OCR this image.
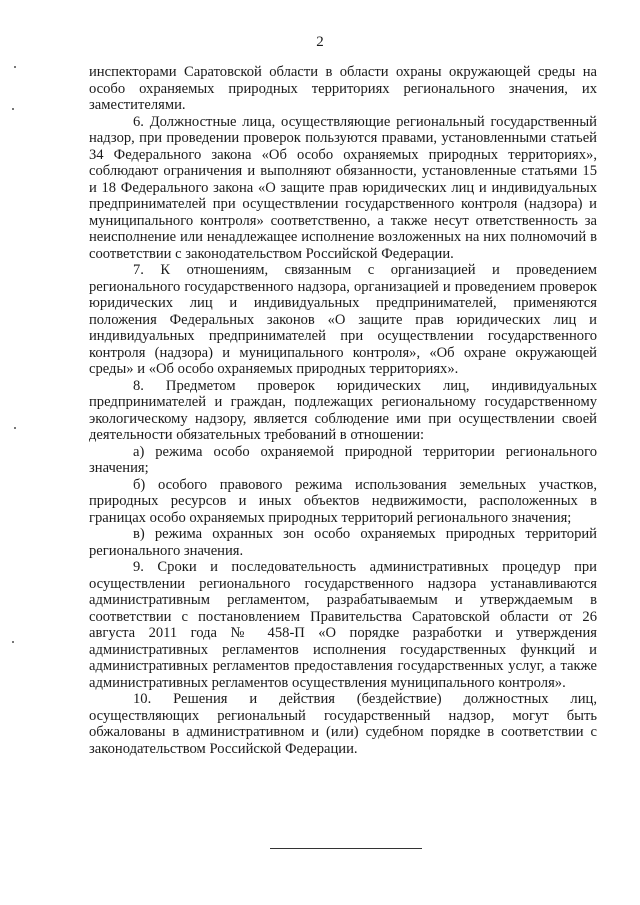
2

инспекторами Саратовской области в области охраны окружающей среды на особо охраняемых природных территориях регионального значения, их заместителями.

6. Должностные лица, осуществляющие региональный государственный надзор, при проведении проверок пользуются правами, установленными статьей 34 Федерального закона «Об особо охраняемых природных территориях», соблюдают ограничения и выполняют обязанности, установленные статьями 15 и 18 Федерального закона «О защите прав юридических лиц и индивидуальных предпринимателей при осуществлении государственного контроля (надзора) и муниципального контроля» соответственно, а также несут ответственность за неисполнение или ненадлежащее исполнение возложенных на них полномочий в соответствии с законодательством Российской Федерации.

7. К отношениям, связанным с организацией и проведением регионального государственного надзора, организацией и проведением проверок юридических лиц и индивидуальных предпринимателей, применяются положения Федеральных законов «О защите прав юридических лиц и индивидуальных предпринимателей при осуществлении государственного контроля (надзора) и муниципального контроля», «Об охране окружающей среды» и «Об особо охраняемых природных территориях».

8. Предметом проверок юридических лиц, индивидуальных предпринимателей и граждан, подлежащих региональному государственному экологическому надзору, является соблюдение ими при осуществлении своей деятельности обязательных требований в отношении:

а) режима особо охраняемой природной территории регионального значения;

б) особого правового режима использования земельных участков, природных ресурсов и иных объектов недвижимости, расположенных в границах особо охраняемых природных территорий регионального значения;

в) режима охранных зон особо охраняемых природных территорий регионального значения.

9. Сроки и последовательность административных процедур при осуществлении регионального государственного надзора устанавливаются административным регламентом, разрабатываемым и утверждаемым в соответствии с постановлением Правительства Саратовской области от 26 августа 2011 года № 458-П «О порядке разработки и утверждения административных регламентов исполнения государственных функций и административных регламентов предоставления государственных услуг, а также административных регламентов осуществления муниципального контроля».

10. Решения и действия (бездействие) должностных лиц, осуществляющих региональный государственный надзор, могут быть обжалованы в административном и (или) судебном порядке в соответствии с законодательством Российской Федерации.
